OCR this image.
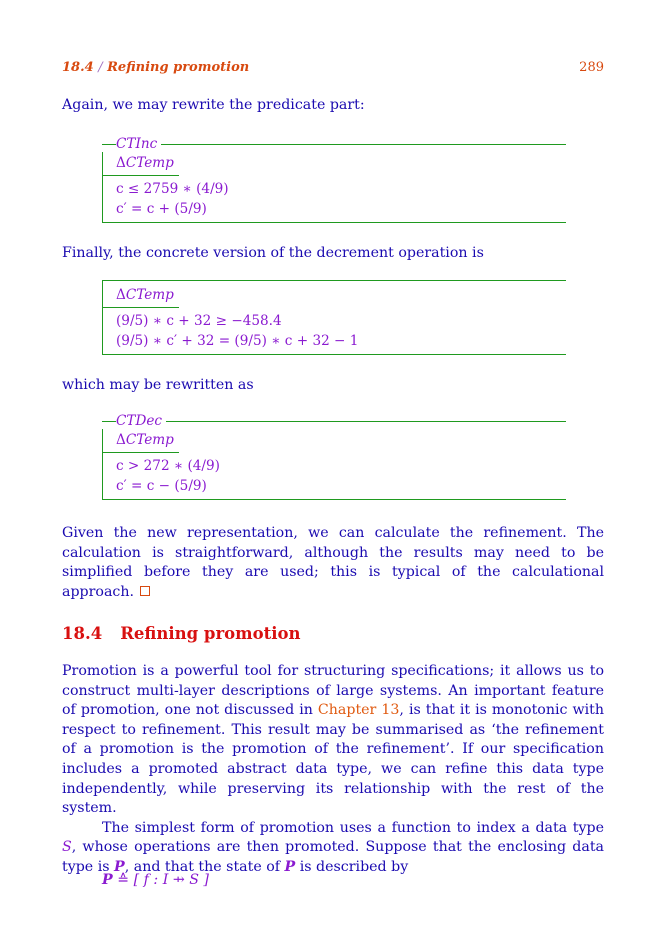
18.4 / Refining promotion	289

Again, we may rewrite the predicate part:

CTInc
ΔCTemp
c ≤ 2759 ∗ (4/9)
c′ = c + (5/9)

Finally, the concrete version of the decrement operation is

ΔCTemp
(9/5) ∗ c + 32 ≥ −458.4
(9/5) ∗ c′ + 32 = (9/5) ∗ c + 32 − 1

which may be rewritten as

CTDec
ΔCTemp
c > 272 ∗ (4/9)
c′ = c − (5/9)

Given the new representation, we can calculate the refinement. The calculation is straightforward, although the results may need to be simplified before they are used; this is typical of the calculational approach.

18.4 Refining promotion

Promotion is a powerful tool for structuring specifications; it allows us to construct multi-layer descriptions of large systems. An important feature of promotion, one not discussed in Chapter 13, is that it is monotonic with respect to refinement. This result may be summarised as ‘the refinement of a promotion is the promotion of the refinement’. If our specification includes a promoted abstract data type, we can refine this data type independently, while preserving its relationship with the rest of the system.

The simplest form of promotion uses a function to index a data type S, whose operations are then promoted. Suppose that the enclosing data type is P, and that the state of P is described by

P ≙ [ f : I ⇸ S ]
